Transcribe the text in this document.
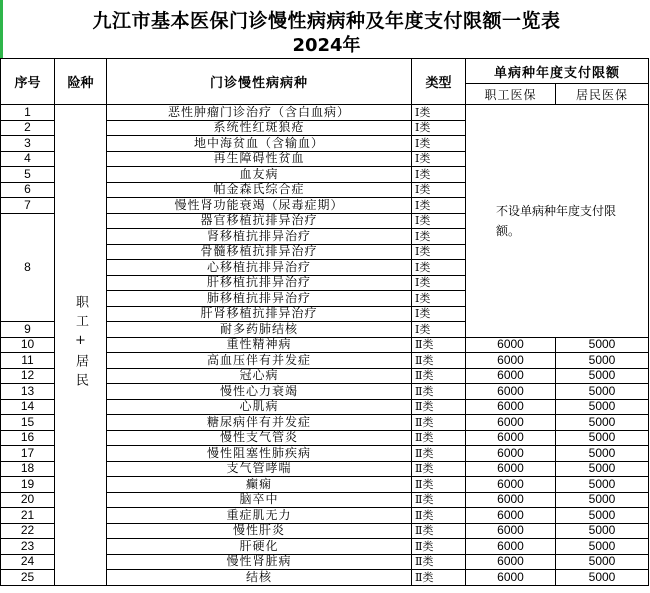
九江市基本医保门诊慢性病病种及年度支付限额一览表
2024年
序号	险种	门诊慢性病病种	类型	单病种年度支付限额	
				职工医保	居民医保
1	职工+居民	恶性肿瘤门诊治疗（含白血病）	Ⅰ类	不设单病种年度支付限额。	
2		系统性红斑狼疮	Ⅰ类		
3		地中海贫血（含输血）	Ⅰ类		
4		再生障碍性贫血	Ⅰ类		
5		血友病	Ⅰ类		
6		帕金森氏综合症	Ⅰ类		
7		慢性肾功能衰竭（尿毒症期）	Ⅰ类		
8		器官移植抗排异治疗	Ⅰ类		
		肾移植抗排异治疗	Ⅰ类		
		骨髓移植抗排异治疗	Ⅰ类		
		心移植抗排异治疗	Ⅰ类		
		肝移植抗排异治疗	Ⅰ类		
		肺移植抗排异治疗	Ⅰ类		
		肝肾移植抗排异治疗	Ⅰ类		
9		耐多药肺结核	Ⅰ类		
10		重性精神病	Ⅱ类	6000	5000
11		高血压伴有并发症	Ⅱ类	6000	5000
12		冠心病	Ⅱ类	6000	5000
13		慢性心力衰竭	Ⅱ类	6000	5000
14		心肌病	Ⅱ类	6000	5000
15		糖尿病伴有并发症	Ⅱ类	6000	5000
16		慢性支气管炎	Ⅱ类	6000	5000
17		慢性阻塞性肺疾病	Ⅱ类	6000	5000
18		支气管哮喘	Ⅱ类	6000	5000
19		癫痫	Ⅱ类	6000	5000
20		脑卒中	Ⅱ类	6000	5000
21		重症肌无力	Ⅱ类	6000	5000
22		慢性肝炎	Ⅱ类	6000	5000
23		肝硬化	Ⅱ类	6000	5000
24		慢性肾脏病	Ⅱ类	6000	5000
25		结核	Ⅱ类	6000	5000
